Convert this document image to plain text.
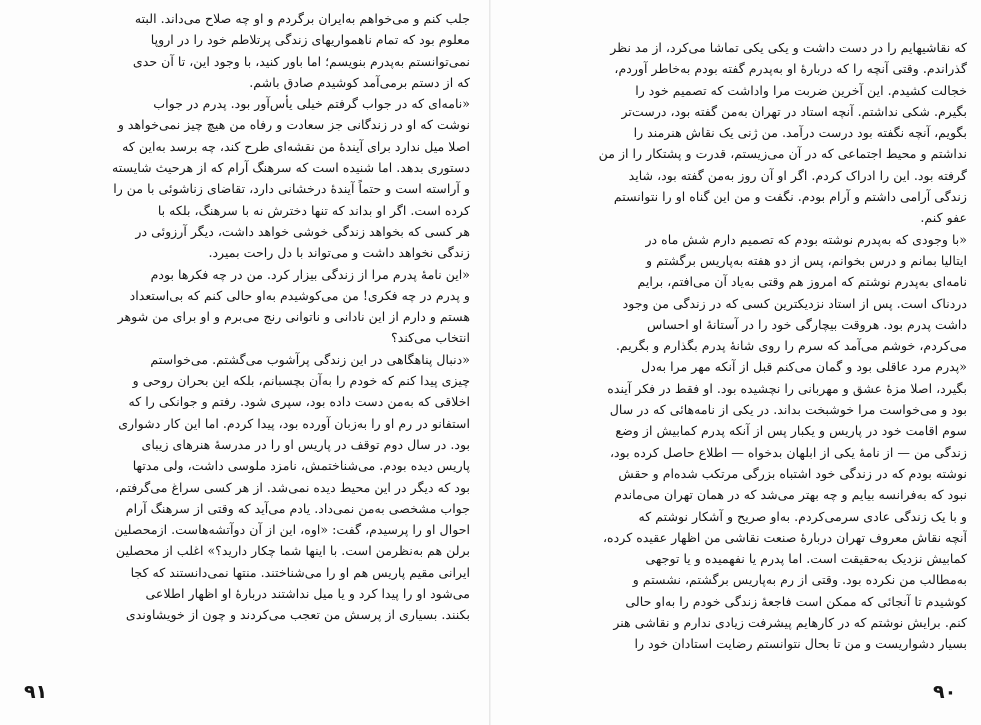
جلب کنم و می‌خواهم به‌ایران برگردم و او چه صلاح می‌داند. البته
معلوم بود که تمام ناهمواریهای زندگی پرتلاطم خود را در اروپا
نمی‌توانستم به‌پدرم بنویسم؛ اما باور کنید، با وجود این، تا آن حدی
که از دستم برمی‌آمد کوشیدم صادق باشم.
«نامه‌ای که در جواب گرفتم خیلی یأس‌آور بود. پدرم در جواب
نوشت که او در زندگانی جز سعادت و رفاه من هیچ چیز نمی‌خواهد و
اصلا میل ندارد برای آیندهٔ من نقشه‌ای طرح کند، چه برسد به‌این که
دستوری بدهد. اما شنیده است که سرهنگ آرام که از هرحیث شایسته
و آراسته است و حتماً آیندهٔ درخشانی دارد، تقاضای زناشوئی با من را
کرده است. اگر او بداند که تنها دخترش نه با سرهنگ، بلکه با
هر کسی که بخواهد زندگی خوشی خواهد داشت، دیگر آرزوئی در
زندگی نخواهد داشت و می‌تواند با دل راحت بمیرد.
«این نامهٔ پدرم مرا از زندگی بیزار کرد. من در چه فکرها بودم
و پدرم در چه فکری! من می‌کوشیدم به‌او حالی کنم که بی‌استعداد
هستم و دارم از این نادانی و ناتوانی رنج می‌برم و او برای من شوهر
انتخاب می‌کند؟
«دنبال پناهگاهی در این زندگی پرآشوب می‌گشتم. می‌خواستم
چیزی پیدا کنم که خودم را به‌آن بچسبانم، بلکه این بحران روحی و
اخلاقی که به‌من دست داده بود، سپری شود. رفتم و جوانکی را که
استفانو در رم او را به‌زبان آورده بود، پیدا کردم. اما این کار دشواری
بود. در سال دوم توقف در پاریس او را در مدرسهٔ هنرهای زیبای
پاریس دیده بودم. می‌شناختمش، نامزد ملوسی داشت، ولی مدتها
بود که دیگر در این محیط دیده نمی‌شد. از هر کسی سراغ می‌گرفتم،
جواب مشخصی به‌من نمی‌داد. یادم می‌آید که وقتی از سرهنگ آرام
احوال او را پرسیدم، گفت: «اوه، این از آن دوآتشه‌هاست. ازمحصلین
برلن هم به‌نظرمن است. با اینها شما چکار دارید؟» اغلب از محصلین
ایرانی مقیم پاریس هم او را می‌شناختند. منتها نمی‌دانستند که کجا
می‌شود او را پیدا کرد و یا میل نداشتند دربارهٔ او اظهار اطلاعی
بکنند. بسیاری از پرسش من تعجب می‌کردند و چون از خویشاوندی
۹۱
که نقاشیهایم را در دست داشت و یکی یکی تماشا می‌کرد، از مد نظر
گذراندم. وقتی آنچه را که دربارهٔ او به‌پدرم گفته بودم به‌خاطر آوردم،
خجالت کشیدم. این آخرین ضربت مرا واداشت که تصمیم خود را
بگیرم. شکی نداشتم. آنچه استاد در تهران به‌من گفته بود، درست‌تر
بگویم، آنچه نگفته بود درست درآمد. من ژنی یک نقاش هنرمند را
نداشتم و محیط اجتماعی که در آن می‌زیستم، قدرت و پشتکار را از من
گرفته بود. این را ادراک کردم. اگر او آن روز به‌من گفته بود، شاید
زندگی آرامی داشتم و آرام بودم. نگفت و من این گناه او را نتوانستم
عفو کنم.
«با وجودی که به‌پدرم نوشته بودم که تصمیم دارم شش ماه در
ایتالیا بمانم و درس بخوانم، پس از دو هفته به‌پاریس برگشتم و
نامه‌ای به‌پدرم نوشتم که امروز هم وقتی به‌یاد آن می‌افتم، برایم
دردناک است. پس از استاد نزدیکترین کسی که در زندگی من وجود
داشت پدرم بود. هروقت بیچارگی خود را در آستانهٔ او احساس
می‌کردم، خوشم می‌آمد که سرم را روی شانهٔ پدرم بگذارم و بگریم.
«پدرم مرد عاقلی بود و گمان می‌کنم قبل از آنکه مهر مرا به‌دل
بگیرد، اصلا مزهٔ عشق و مهربانی را نچشیده بود. او فقط در فکر آینده
بود و می‌خواست مرا خوشبخت بداند. در یکی از نامه‌هائی که در سال
سوم اقامت خود در پاریس و یکبار پس از آنکه پدرم کمابیش از وضع
زندگی من — از نامهٔ یکی از ابلهان بدخواه — اطلاع حاصل کرده بود،
نوشته بودم که در زندگی خود اشتباه بزرگی مرتکب شده‌ام و حقش
نبود که به‌فرانسه بیایم و چه بهتر می‌شد که در همان تهران می‌ماندم
و با یک زندگی عادی سرمی‌کردم. به‌او صریح و آشکار نوشتم که
آنچه نقاش معروف تهران دربارهٔ صنعت نقاشی من اظهار عقیده کرده،
کمابیش نزدیک به‌حقیقت است. اما پدرم یا نفهمیده و یا توجهی
به‌مطالب من نکرده بود. وقتی از رم به‌پاریس برگشتم، نشستم و
کوشیدم تا آنجائی که ممکن است فاجعهٔ زندگی خودم را به‌او حالی
کنم. برایش نوشتم که در کارهایم پیشرفت زیادی ندارم و نقاشی هنر
بسیار دشواریست و من تا بحال نتوانستم رضایت استادان خود را
۹۰
